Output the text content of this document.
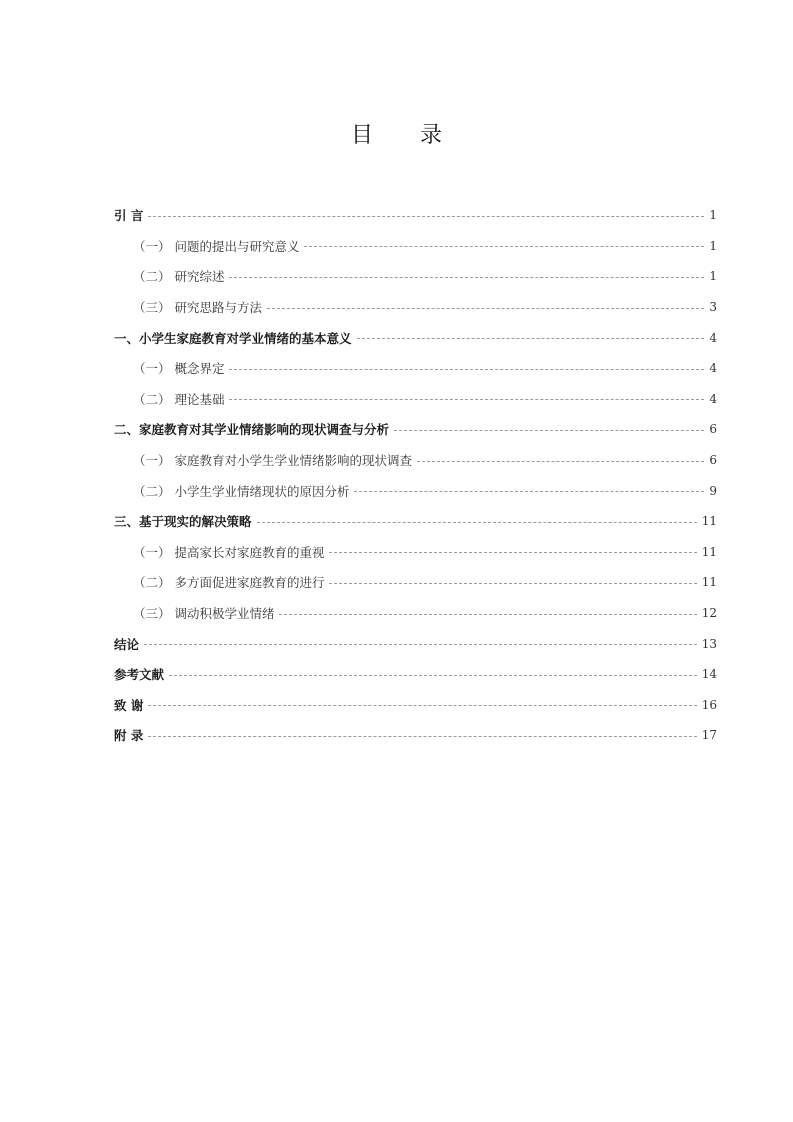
目 录
引 言	1
（一） 问题的提出与研究意义	1
（二） 研究综述	1
（三） 研究思路与方法	3
一、小学生家庭教育对学业情绪的基本意义	4
（一） 概念界定	4
（二） 理论基础	4
二、家庭教育对其学业情绪影响的现状调查与分析	6
（一） 家庭教育对小学生学业情绪影响的现状调查	6
（二） 小学生学业情绪现状的原因分析	9
三、基于现实的解决策略	11
（一） 提高家长对家庭教育的重视	11
（二） 多方面促进家庭教育的进行	11
（三） 调动积极学业情绪	12
结论	13
参考文献	14
致 谢	16
附 录	17
